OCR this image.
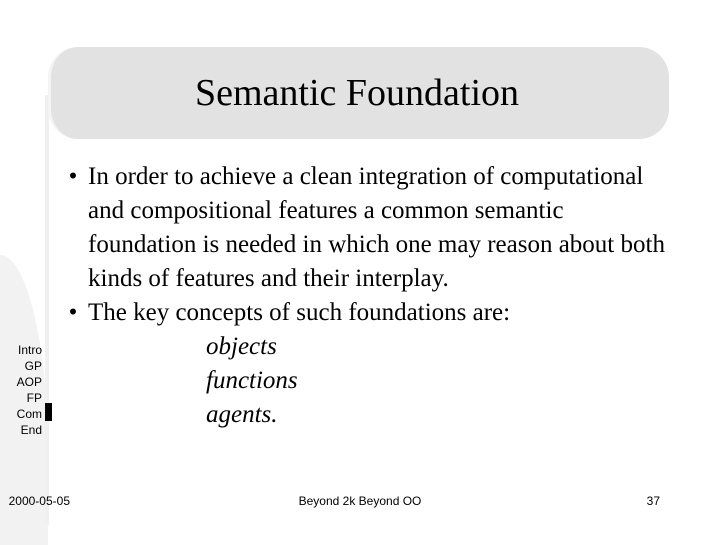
Semantic Foundation
Intro
GP
AOP
FP
Com
End
• In order to achieve a clean integration of computational and compositional features a common semantic foundation is needed in which one may reason about both kinds of features and their interplay.
• The key concepts of such foundations are:
objects
functions
agents.
2000-05-05	Beyond 2k Beyond OO	37
